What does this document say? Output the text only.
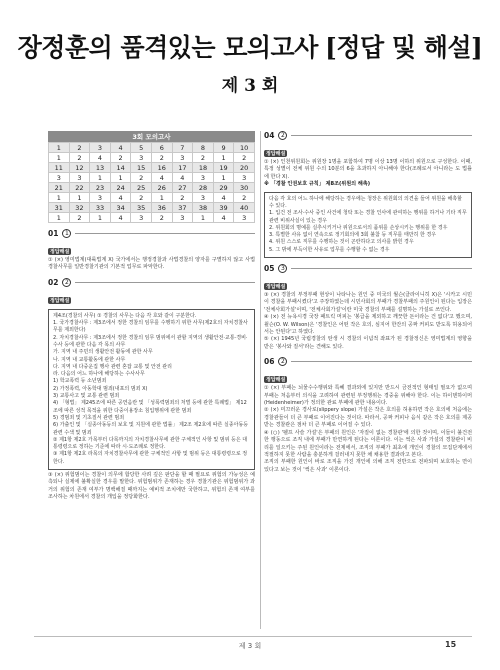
장정훈의 품격있는 모의고사 [정답 및 해설]
제 3 회
3회 모의고사
1	2	3	4	5	6	7	8	9	10
1	2	4	2	3	2	3	2	1	2
11	12	13	14	15	16	17	18	19	20
3	3	1	1	2	4	4	3	1	3
21	22	23	24	25	26	27	28	29	30
1	1	3	4	2	1	2	3	4	2
31	32	33	34	35	36	37	38	39	40
1	2	1	4	3	2	3	1	4	3
01	1
정답해설

① (×) 영미법계(대륙법계 X) 국가에서는 행정경찰과 사법경찰의 양자를 구별하지 않고 사법경찰사무를 일반경찰기관의 기본적 업무로 파악한다.

02	2
정답해설
제4조(경찰의 사무) ① 경찰의 사무는 다음 각 호와 같이 구분한다.
1. 국가경찰사무 : 제3조에서 정한 경찰의 임무를 수행하기 위한 사무(제2호의 자치경찰사무를 제외한다)
2. 자치경찰사무 : 제3조에서 정한 경찰의 임무 범위에서 관할 지역의 생활안전·교통·경비·수사 등에 관한 다음 각 목의 사무
가. 지역 내 주민의 생활안전 활동에 관한 사무
나. 지역 내 교통활동에 관한 사무
다. 지역 내 다중운집 행사 관련 혼잡 교통 및 안전 관리
라. 다음의 어느 하나에 해당하는 수사사무
1) 학교폭력 등 소년범죄
2) 가정폭력, 아동학대 범죄(내포의 범죄 X)
3) 교통사고 및 교통 관련 범죄
4) 「형법」 제245조에 따른 공연음란 및 「성폭력범죄의 처벌 등에 관한 특례법」 제12조에 따른 성적 목적을 위한 다중이용장소 침입행위에 관한 범죄
5) 경범죄 및 기초질서 관련 범죄
6) 가출인 및 「실종아동등의 보호 및 지원에 관한 법률」 제2조 제2호에 따른 실종아동등 관련 수색 및 범죄
② 제1항 제2호 가목부터 다목까지의 자치경찰사무에 관한 구체적인 사항 및 범위 등은 대통령령으로 정하는 기준에 따라 시·도조례로 정한다.
③ 제1항 제2호 라목의 자치경찰사무에 관한 구체적인 사항 및 범위 등은 대통령령으로 정한다.

③ (×) 위험범이는 경찰이 의무에 합당한 사려 깊은 판단을 할 때 필요로 위험의 가능성은 예측되나 실제에 불확실한 경우를 말한다. 위험범위가 존재하는 경우 경찰기관은 위험범위가 과거의 위험의 존재 여부가 명백해질 때까지는 예비적 조치에만 국한하고, 위험의 존재 여부를 조사하는 차원에서 경찰의 개입을 정당화한다.

04	2
정답해설

① (×) 인천위원회는 위원장 1명을 포함하여 7명 이상 13명 이하의 위원으로 구성한다. 이때, 특정 성별이 전체 위원 수의 10분의 6을 초과하지 아니해야 한다(조례로서 아니라는 도 법률에 한다 X).

※ 「경찰 인권보호 규칙」 제8조(위원의 해촉)

다음 각 호의 어느 하나에 해당하는 경우에는 청장은 위원회의 의견을 들어 위원을 해촉할 수 있다.
1. 입건 전 조사·수사 중인 사건에 청탁 또는 경찰 인사에 관여하는 행위를 하거나 기타 직무 관련 비위사실이 있는 경우
2. 위원회의 명예를 실추시키거나 위원으로서의 품위를 손상시키는 행위를 한 경우
3. 특별한 사유 없이 연속으로 정기회의에 3회 불참 등 직무를 태만히 한 경우
4. 위원 스스로 직무를 수행하는 것이 곤란하다고 의사를 밝힌 경우
5. 그 밖에 부득이한 사유로 업무를 수행할 수 없는 경우
05	3
정답해설

③ (×) 경찰의 부정부패 현상이 나타나는 원인 중 미국의 월슨(클라이니히 X)은 '시카고 시민이 경찰을 부패시켰다'고 주장하였는데 시민사회의 부패가 경찰부패의 주원인이 된다는 입장은 '전체사회가설'이며, '전체사회가설'이란 미국 경찰의 부패를 설명하는 가설로 쓰인다.

④ (×) 전 뉴욕시경 국장 패트릭 머피는 '봉급을 제외하고 깨끗한 돈이라는 건 없다'고 했으며, 윌슨(O. W. Wilson)은 '경찰인은 어떤 작은 호의, 심지어 한잔의 공짜 커피도 받도록 허용되어서는 안된다'고 하였다.

⑤ (×) 1945년 국립경찰의 탄생 시 경찰의 이념적 좌표가 된 경찰정신은 영미법계의 영향을 받은 '봉사와 질서'라는 견해도 있다.

06	2
정답해설

① (×) 부패는 뇌물수수행위와 특혜 결과외에 있지만 반드시 금전적인 형태일 필요가 없으며 부패는 처음부터 의식을 고려하여 관련된 부정행위는 경중을 위해야 한다. 이는 하이덴하이머(Heidenheimer)가 정의한 관료 부패에 관한 내용이다.

② (×) 미끄러운 경사로(slippery slope) 가설은 작은 호의를 허용하면 작은 호의에 처음에는 경찰관들이 더 큰 부패로 이어진다는 것이다. 따라서, 공짜 커피나 음식 같은 작은 호의를 제공받는 경찰관은 점차 더 큰 부패로 이어질 수 있다.

④ (○) '펠프 사슬 가설'은 부패의 원인은 '자질이 없는 경찰관'에 의한 것이며, 이들이 불건전한 행동으로 조직 내에 부패가 만연하게 된다는 이론이다. 이는 썩은 사과 가설의 경찰관이 비리를 일으키는 주된 원인이라는 전제에서, 조직의 부패가 최초에 개인이 경찰의 모집단계에서 적절하지 못한 사람을 충분하게 걸러내지 못한 채 채용한 결과라고 본다.

조직의 부패한 원인이 바로 조직을 가진 개인에 의해 조직 전반으로 전파되며 보호하는 면이 있다고 보는 것이 '썩은 사과' 이론이다.

제 3 회	15
